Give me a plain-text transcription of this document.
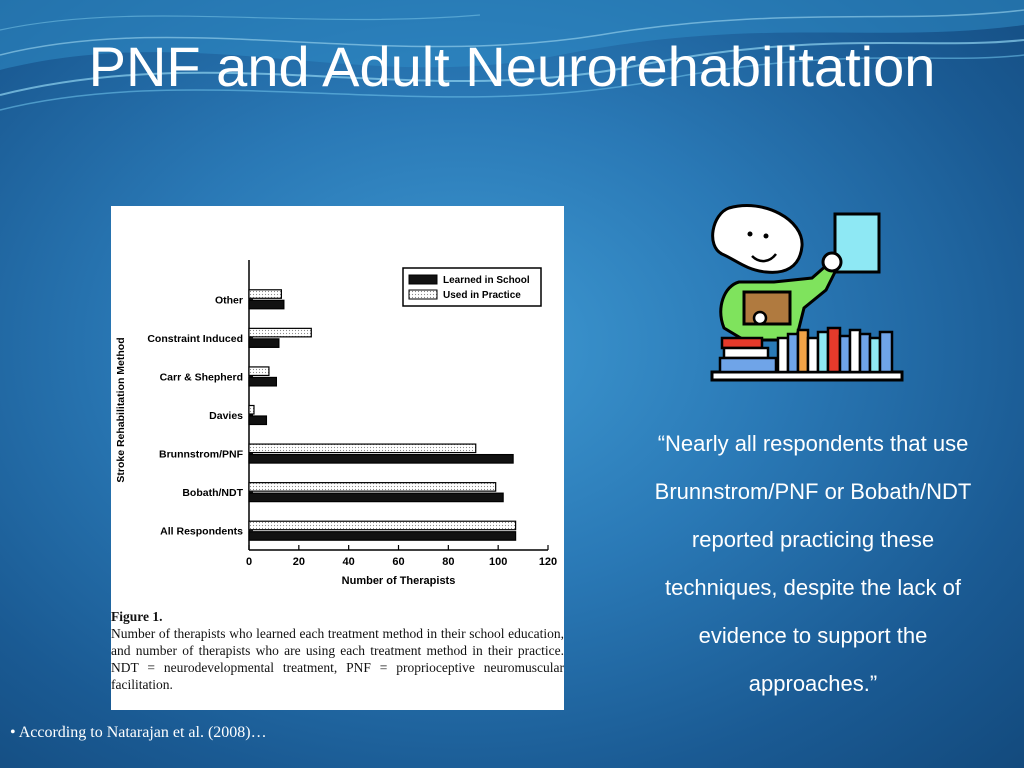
PNF and Adult Neurorehabilitation
0	20	40	60	80	100	120
Number of Therapists
Stroke Rehabilitation Method
Other
Constraint Induced
Carr & Shepherd
Davies
Brunnstrom/PNF
Bobath/NDT
All Respondents
Learned in School
Used in Practice
Figure 1.
Number of therapists who learned each treatment method in their school education, and number of therapists who are using each treatment method in their practice. NDT = neurodevelopmental treatment, PNF = proprioceptive neuromuscular facilitation.
“Nearly all respondents that use Brunnstrom/PNF or Bobath/NDT reported practicing these techniques, despite the lack of evidence to support the approaches.”
• According to Natarajan et al. (2008)…
